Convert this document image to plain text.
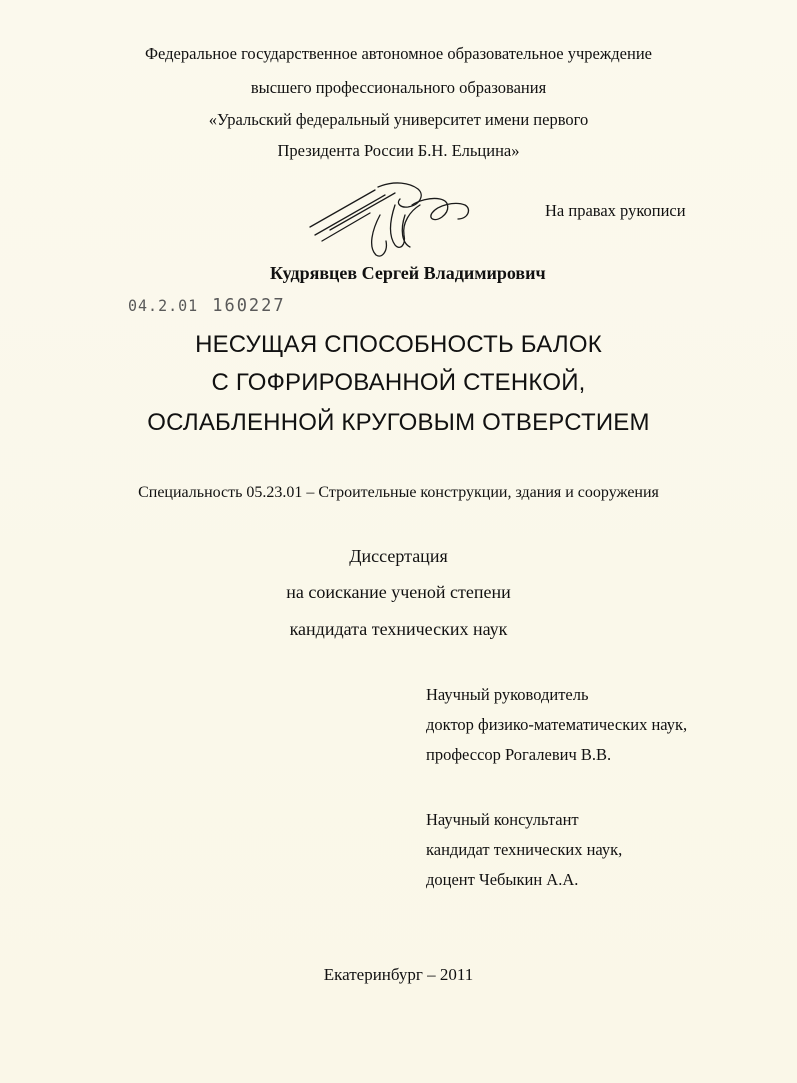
Федеральное государственное автономное образовательное учреждение
высшего профессионального образования
«Уральский федеральный университет имени первого
Президента России Б.Н. Ельцина»
На правах рукописи
Кудрявцев Сергей Владимирович
04.2.01 160227
НЕСУЩАЯ СПОСОБНОСТЬ БАЛОК
С ГОФРИРОВАННОЙ СТЕНКОЙ,
ОСЛАБЛЕННОЙ КРУГОВЫМ ОТВЕРСТИЕМ
Специальность 05.23.01 – Строительные конструкции, здания и сооружения
Диссертация
на соискание ученой степени
кандидата технических наук
Научный руководитель
доктор физико-математических наук,
профессор Рогалевич В.В.
Научный консультант
кандидат технических наук,
доцент Чебыкин А.А.
Екатеринбург – 2011
